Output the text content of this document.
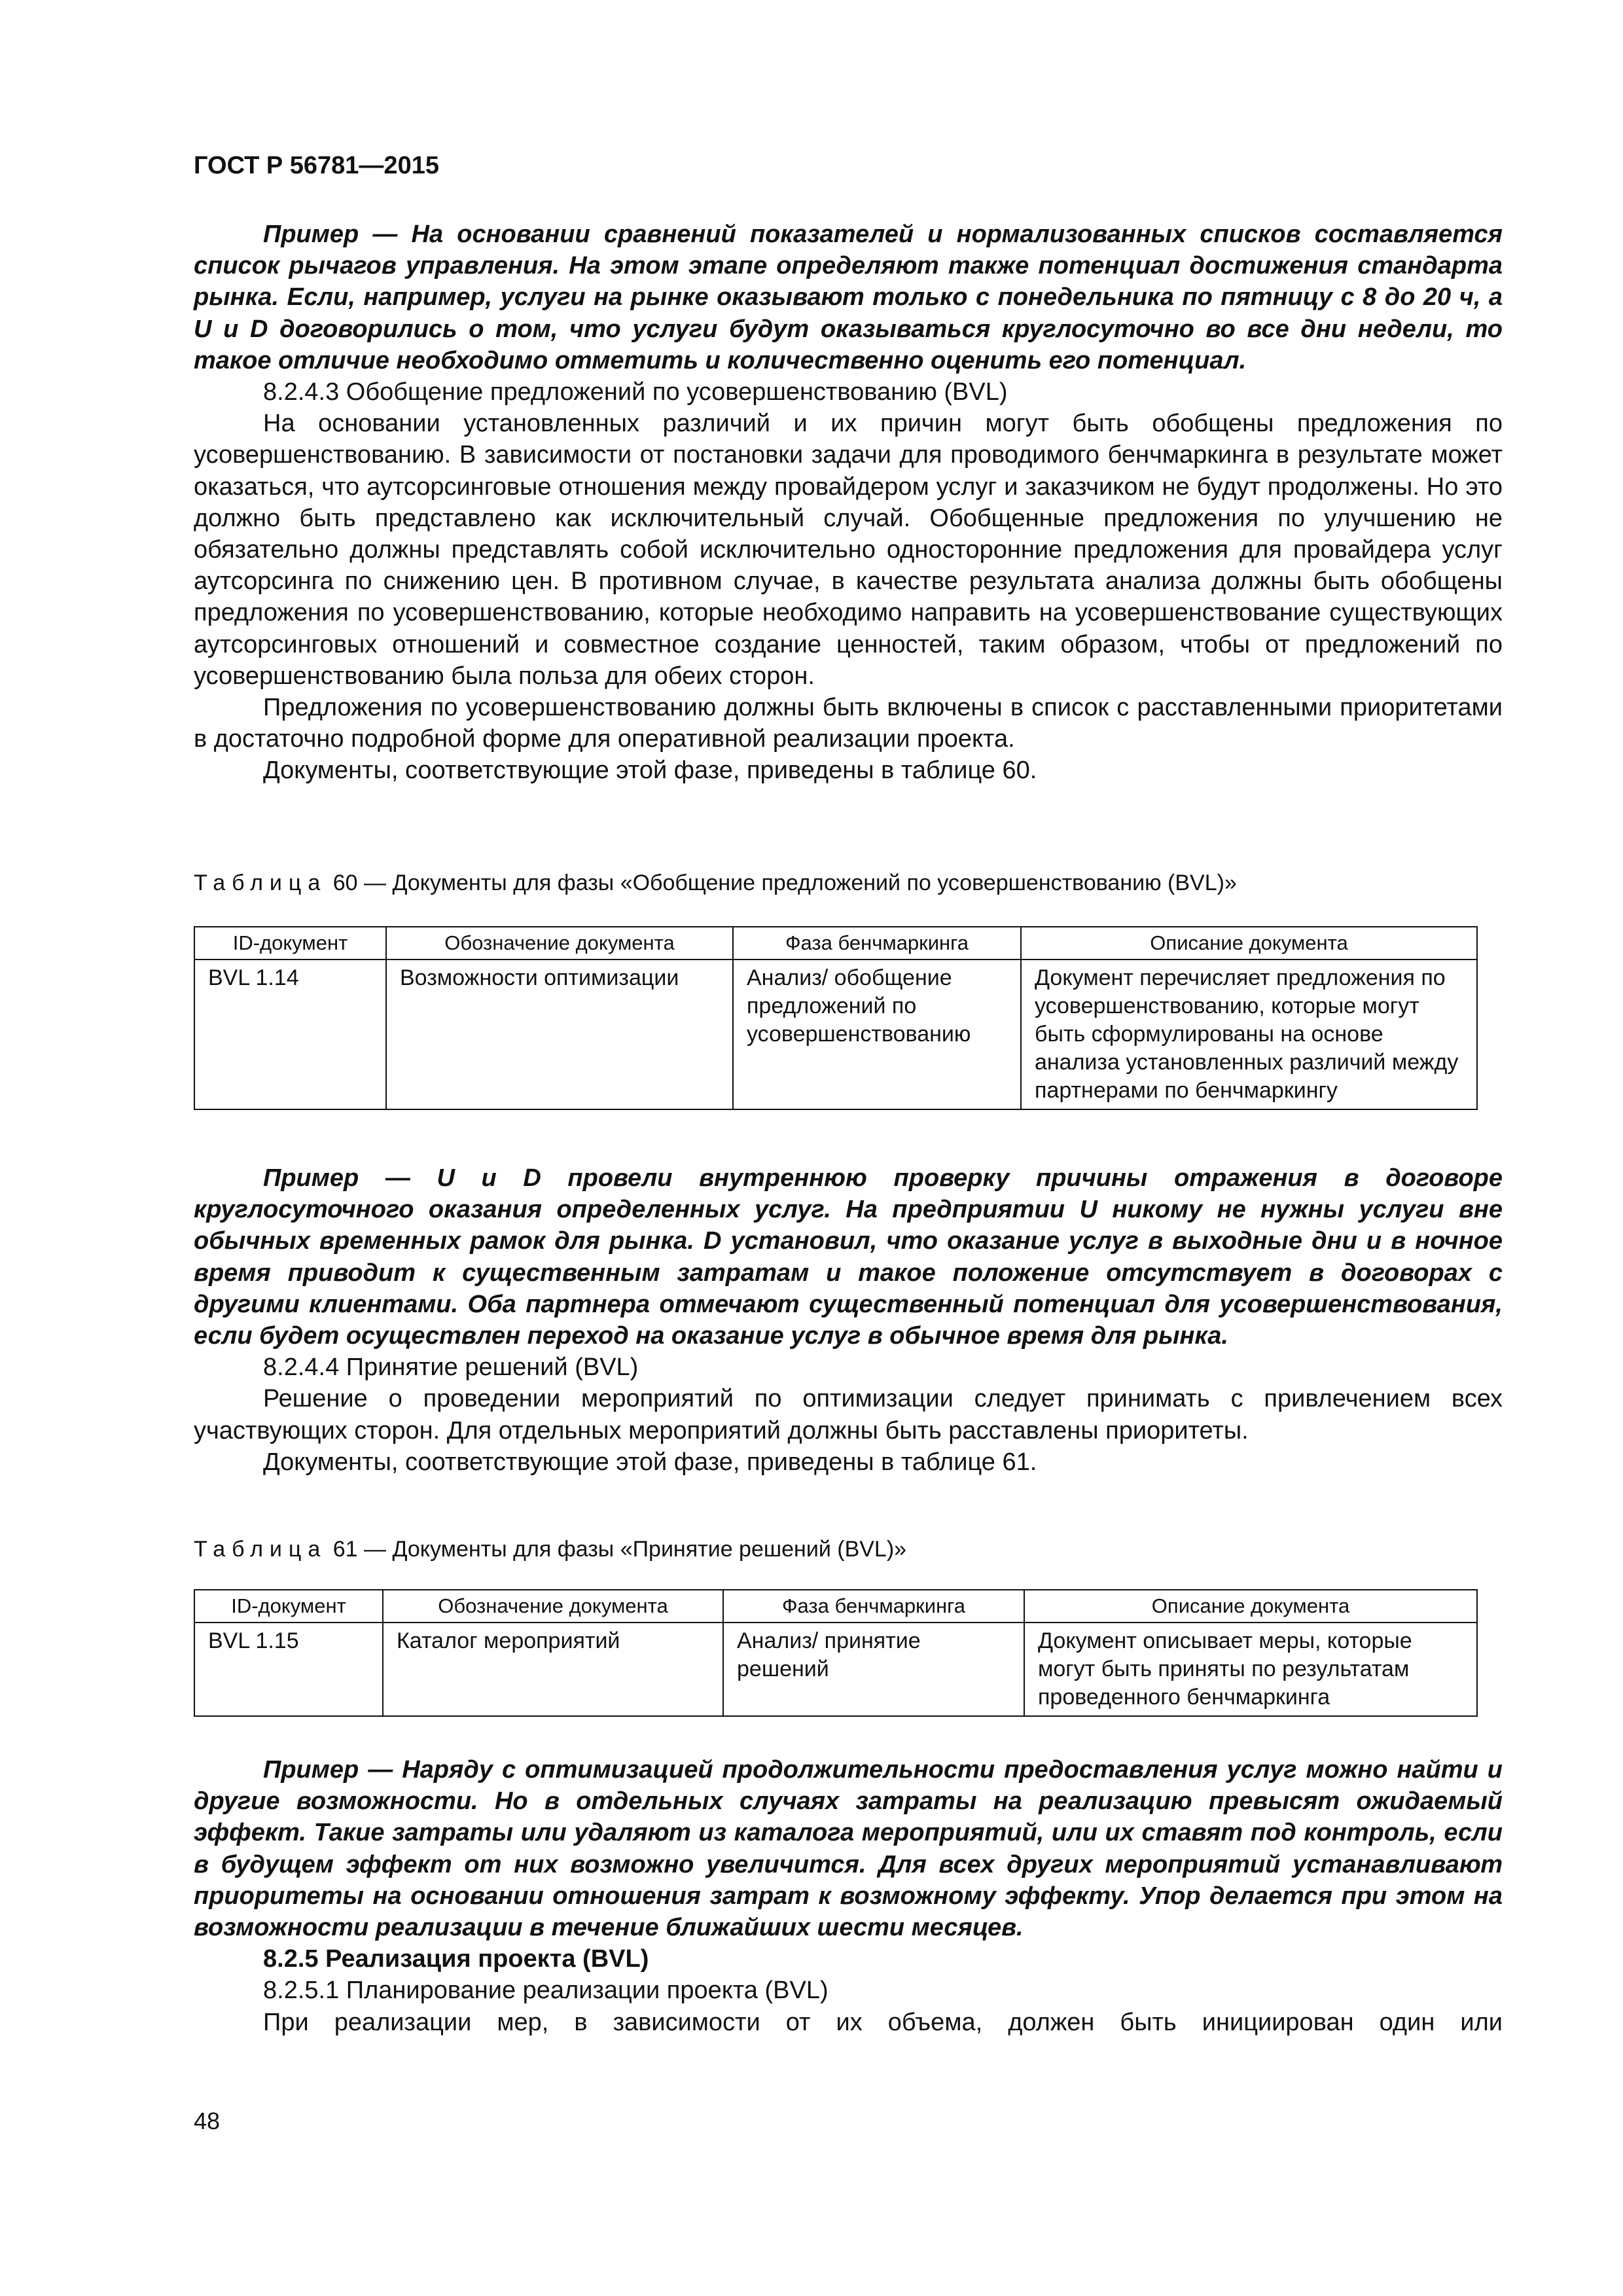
ГОСТ Р 56781—2015

Пример — На основании сравнений показателей и нормализованных списков составляется список рычагов управления. На этом этапе определяют также потенциал достижения стандарта рынка. Если, например, услуги на рынке оказывают только с понедельника по пятницу с 8 до 20 ч, а U и D договорились о том, что услуги будут оказываться круглосуточно во все дни недели, то такое отличие необходимо отметить и количественно оценить его потенциал.

8.2.4.3 Обобщение предложений по усовершенствованию (BVL)

На основании установленных различий и их причин могут быть обобщены предложения по усовершенствованию. В зависимости от постановки задачи для проводимого бенчмаркинга в результате может оказаться, что аутсорсинговые отношения между провайдером услуг и заказчиком не будут продолжены. Но это должно быть представлено как исключительный случай. Обобщенные предложения по улучшению не обязательно должны представлять собой исключительно односторонние предложения для провайдера услуг аутсорсинга по снижению цен. В противном случае, в качестве результата анализа должны быть обобщены предложения по усовершенствованию, которые необходимо направить на усовершенствование существующих аутсорсинговых отношений и совместное создание ценностей, таким образом, чтобы от предложений по усовершенствованию была польза для обеих сторон.

Предложения по усовершенствованию должны быть включены в список с расставленными приоритетами в достаточно подробной форме для оперативной реализации проекта.

Документы, соответствующие этой фазе, приведены в таблице 60.

Таблица 60 — Документы для фазы «Обобщение предложений по усовершенствованию (BVL)»
ID-документ	Обозначение документа	Фаза бенчмаркинга	Описание документа
BVL 1.14	Возможности оптимизации	Анализ/ обобщение предложений по усовершенствованию	Документ перечисляет предложения по усовершенствованию, которые могут быть сформулированы на основе анализа установленных различий между партнерами по бенчмаркингу

Пример — U и D провели внутреннюю проверку причины отражения в договоре круглосуточного оказания определенных услуг. На предприятии U никому не нужны услуги вне обычных временных рамок для рынка. D установил, что оказание услуг в выходные дни и в ночное время приводит к существенным затратам и такое положение отсутствует в договорах с другими клиентами. Оба партнера отмечают существенный потенциал для усовершенствования, если будет осуществлен переход на оказание услуг в обычное время для рынка.

8.2.4.4 Принятие решений (BVL)

Решение о проведении мероприятий по оптимизации следует принимать с привлечением всех участвующих сторон. Для отдельных мероприятий должны быть расставлены приоритеты.

Документы, соответствующие этой фазе, приведены в таблице 61.

Таблица 61 — Документы для фазы «Принятие решений (BVL)»
ID-документ	Обозначение документа	Фаза бенчмаркинга	Описание документа
BVL 1.15	Каталог мероприятий	Анализ/ принятие решений	Документ описывает меры, которые могут быть приняты по результатам проведенного бенчмаркинга

Пример — Наряду с оптимизацией продолжительности предоставления услуг можно найти и другие возможности. Но в отдельных случаях затраты на реализацию превысят ожидаемый эффект. Такие затраты или удаляют из каталога мероприятий, или их ставят под контроль, если в будущем эффект от них возможно увеличится. Для всех других мероприятий устанавливают приоритеты на основании отношения затрат к возможному эффекту. Упор делается при этом на возможности реализации в течение ближайших шести месяцев.

8.2.5 Реализация проекта (BVL)

8.2.5.1 Планирование реализации проекта (BVL)

При реализации мер, в зависимости от их объема, должен быть инициирован один или

48
